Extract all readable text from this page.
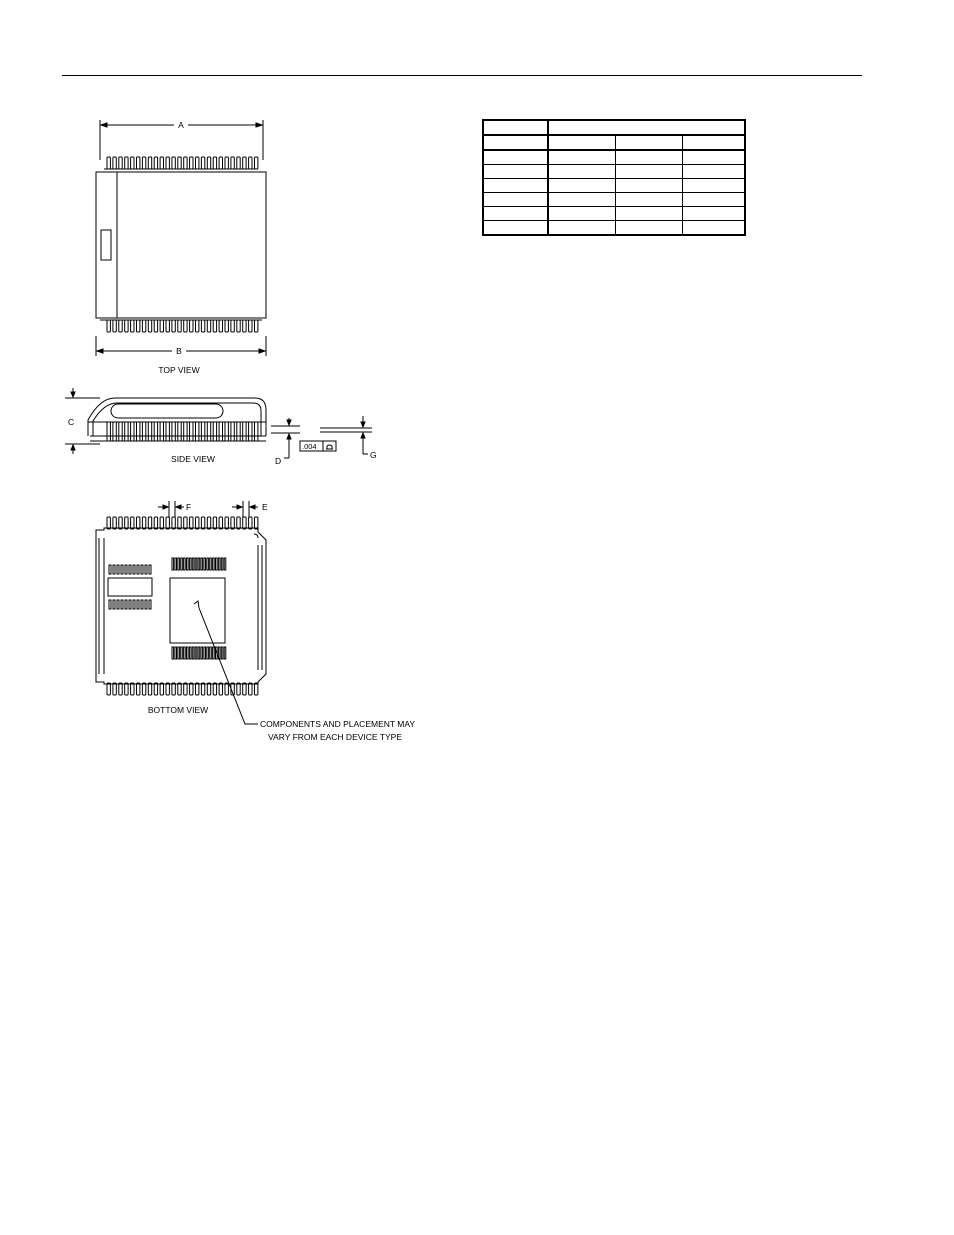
A
B
TOP VIEW
C
D
G
.004
SIDE VIEW
F	E
BOTTOM VIEW
COMPONENTS AND PLACEMENT MAY
VARY FROM EACH DEVICE TYPE
